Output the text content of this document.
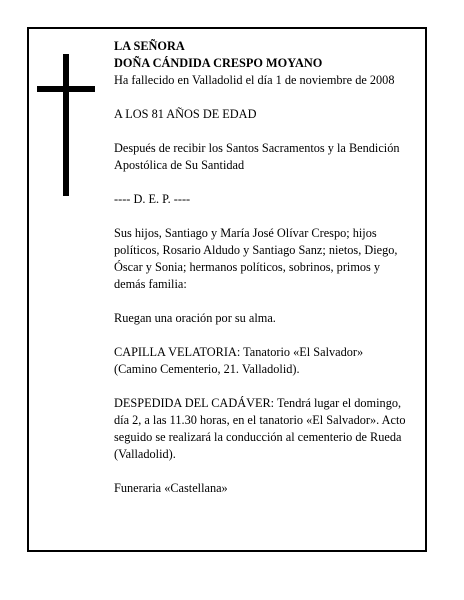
LA SEÑORA
DOÑA CÁNDIDA CRESPO MOYANO

Ha fallecido en Valladolid el día 1 de noviembre de 2008

A LOS 81 AÑOS DE EDAD

Después de recibir los Santos Sacramentos y la Bendición Apostólica de Su Santidad

---- D. E. P. ----

Sus hijos, Santiago y María José Olívar Crespo; hijos políticos, Rosario Aldudo y Santiago Sanz; nietos, Diego, Óscar y Sonia; hermanos políticos, sobrinos, primos y demás familia:

Ruegan una oración por su alma.

CAPILLA VELATORIA: Tanatorio «El Salvador» (Camino Cementerio, 21. Valladolid).

DESPEDIDA DEL CADÁVER: Tendrá lugar el domingo, día 2, a las 11.30 horas, en el tanatorio «El Salvador». Acto seguido se realizará la conducción al cementerio de Rueda (Valladolid).

Funeraria «Castellana»
